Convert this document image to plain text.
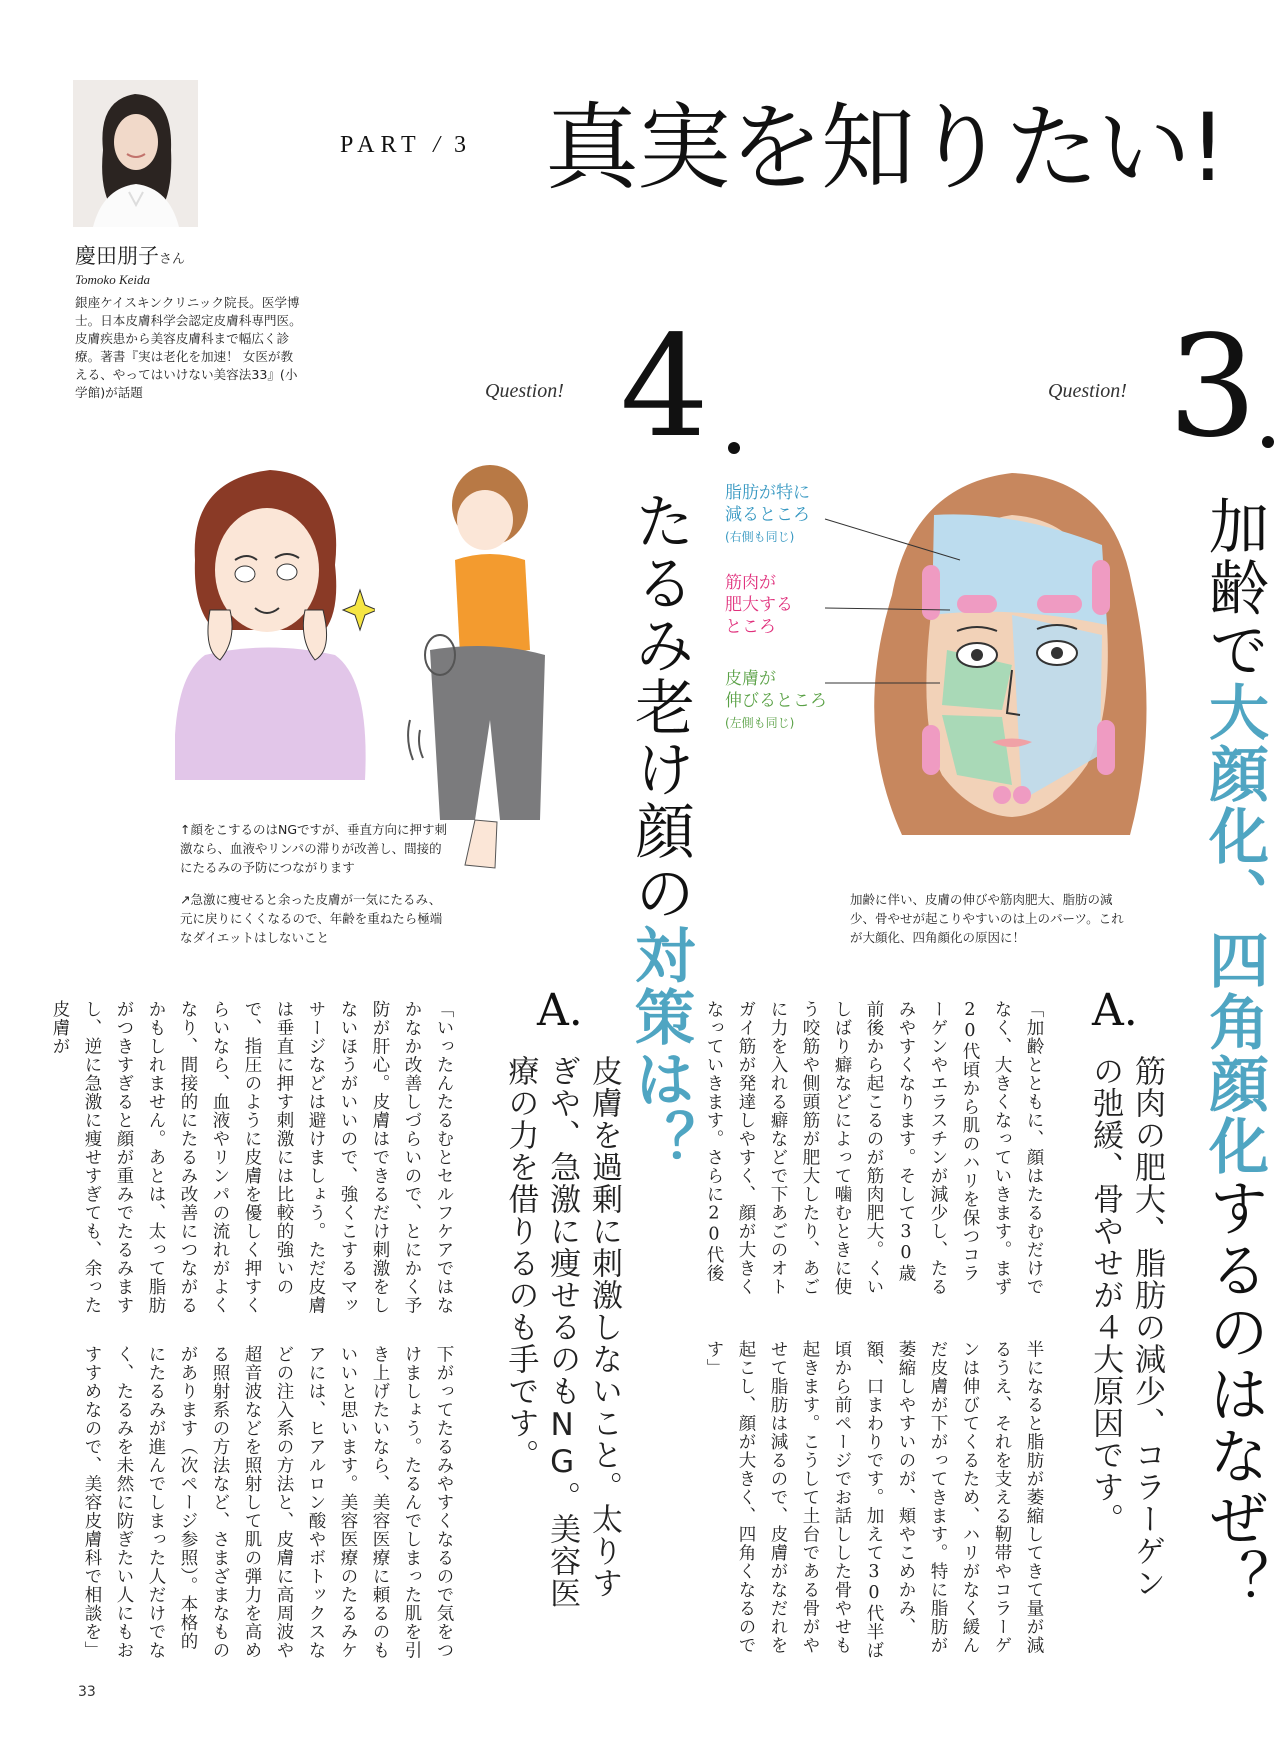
PART / 3 真実を知りたい!
慶田朋子さん
Tomoko Keida
銀座ケイスキンクリニック院長。医学博士。日本皮膚科学会認定皮膚科専門医。皮膚疾患から美容皮膚科まで幅広く診療。著書『実は老化を加速！ 女医が教える、やってはいけない美容法33』(小学館)が話題	Question! 4	Question! 3
加齢で大顔化、四角顔化するのはなぜ？
A.
筋肉の肥大、脂肪の減少、コラーゲンの弛緩、骨やせが４大原因です。
「加齢とともに、顔はたるむだけでなく、大きくなっていきます。まず20代頃から肌のハリを保つコラーゲンやエラスチンが減少し、たるみやすくなります。そして30歳前後から起こるのが筋肉肥大。くいしばり癖などによって噛むときに使う咬筋や側頭筋が肥大したり、あごに力を入れる癖などで下あごのオトガイ筋が発達しやすく、顔が大きくなっていきます。さらに20代後
半になると脂肪が萎縮してきて量が減るうえ、それを支える靭帯やコラーゲンは伸びてくるため、ハリがなく緩んだ皮膚が下がってきます。特に脂肪が萎縮しやすいのが、頬やこめかみ、額、口まわりです。加えて30代半ば頃から前ページでお話しした骨やせも起きます。こうして土台である骨がやせて脂肪は減るので、皮膚がなだれを起こし、顔が大きく、四角くなるのです」
脂肪が特に
減るところ
(右側も同じ)
筋肉が
肥大する
ところ
皮膚が
伸びるところ
(左側も同じ)
加齢に伴い、皮膚の伸びや筋肉肥大、脂肪の減少、骨やせが起こりやすいのは上のパーツ。これが大顔化、四角顔化の原因に！
たるみ老け顔の対策は？
A.
皮膚を過剰に刺激しないこと。太りすぎや、急激に痩せるのもNG。美容医療の力を借りるのも手です。
「いったんたるむとセルフケアではなかなか改善しづらいので、とにかく予防が肝心。皮膚はできるだけ刺激をしないほうがいいので、強くこするマッサージなどは避けましょう。ただ皮膚は垂直に押す刺激には比較的強いので、指圧のように皮膚を優しく押すくらいなら、血液やリンパの流れがよくなり、間接的にたるみ改善につながるかもしれません。あとは、太って脂肪がつきすぎると顔が重みでたるみますし、逆に急激に痩せすぎても、余った皮膚が
下がってたるみやすくなるので気をつけましょう。たるんでしまった肌を引き上げたいなら、美容医療に頼るのもいいと思います。美容医療のたるみケアには、ヒアルロン酸やボトックスなどの注入系の方法と、皮膚に高周波や超音波などを照射して肌の弾力を高める照射系の方法など、さまざまなものがあります（次ページ参照）。本格的にたるみが進んでしまった人だけでなく、たるみを未然に防ぎたい人にもおすすめなので、美容皮膚科で相談を」
↑顔をこするのはNGですが、垂直方向に押す刺激なら、血液やリンパの滞りが改善し、間接的にたるみの予防につながります
↗急激に痩せると余った皮膚が一気にたるみ、元に戻りにくくなるので、年齢を重ねたら極端なダイエットはしないこと
33
